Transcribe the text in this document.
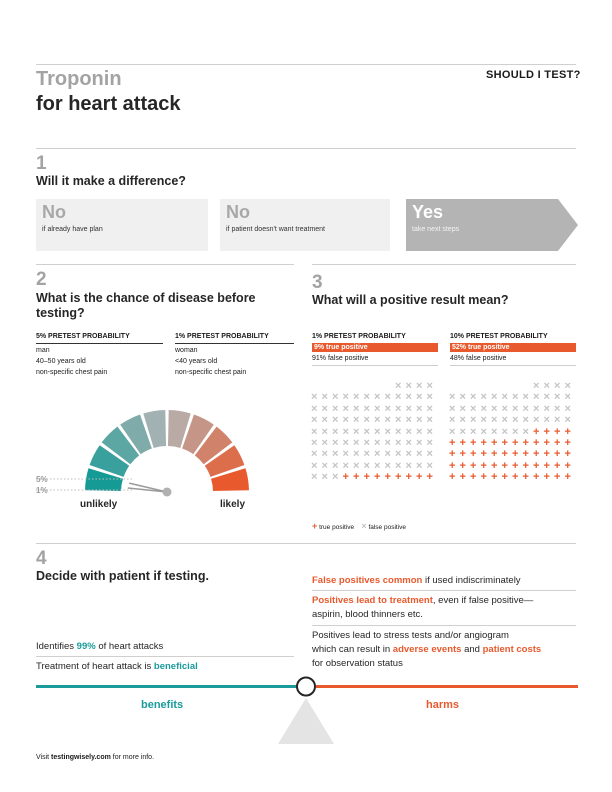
Troponin
for heart attack
SHOULD I TEST?
1
Will it make a difference?
No
if already have plan
No
if patient doesn't want treatment
Yes
take next steps
2
What is the chance of disease before
testing?
5% PRETEST PROBABILITY
man
40–50 years old
non-specific chest pain
1% PRETEST PROBABILITY
woman
<40 years old
non-specific chest pain
5%
1%
unlikely	likely
3
What will a positive result mean?
1% PRETEST PROBABILITY
9% true positive
91% false positive
10% PRETEST PROBABILITY
52% true positive
48% false positive
× × × ×
× × × × × × × × × × × ×
× × × × × × × × × × × ×
× × × × × × × × × × × ×
× × × × × × × × × × × ×
× × × × × × × × × × × ×
× × × × × × × × × × × ×
× × × × × × × × × × × ×
× × × + + + + + + + + +
× × × ×
× × × × × × × × × × × ×
× × × × × × × × × × × ×
× × × × × × × × × × × ×
× × × × × × × × + + + +
+ + + + + + + + + + + +
+ + + + + + + + + + + +
+ + + + + + + + + + + +
+ + + + + + + + + + + +
+ true positive × false positive
4
Decide with patient if testing.
Identifies 99% of heart attacks
Treatment of heart attack is beneficial
False positives common if used indiscriminately
Positives lead to treatment, even if false positive—
aspirin, blood thinners etc.
Positives lead to stress tests and/or angiogram
which can result in adverse events and patient costs
for observation status
benefits	harms
Visit testingwisely.com for more info.
